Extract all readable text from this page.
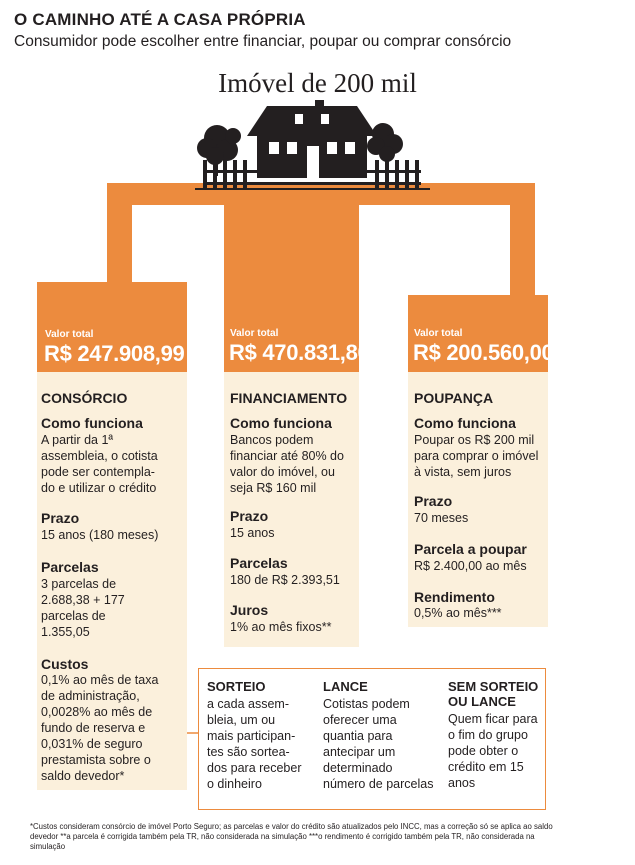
O CAMINHO ATÉ A CASA PRÓPRIA
Consumidor pode escolher entre financiar, poupar ou comprar consórcio
Imóvel de 200 mil
Valor total
R$ 247.908,99
CONSÓRCIO
Como funciona
A partir da 1ª
assembleia, o cotista
pode ser contemplа-
do e utilizar o crédito
Prazo
15 anos (180 meses)
Parcelas
3 parcelas de
2.688,38 + 177
parcelas de
1.355,05
Custos
0,1% ao mês de taxa
de administração,
0,0028% ao mês de
fundo de reserva e
0,031% de seguro
prestamista sobre o
saldo devedor*
Valor total
R$ 470.831,80
FINANCIAMENTO
Como funciona
Bancos podem
financiar até 80% do
valor do imóvel, ou
seja R$ 160 mil
Prazo
15 anos
Parcelas
180 de R$ 2.393,51
Juros
1% ao mês fixos**
Valor total
R$ 200.560,00
POUPANÇA
Como funciona
Poupar os R$ 200 mil
para comprar o imóvel
à vista, sem juros
Prazo
70 meses
Parcela a poupar
R$ 2.400,00 ao mês
Rendimento
0,5% ao mês***
SORTEIO
a cada assem-
bleia, um ou
mais participan-
tes são sortea-
dos para receber
o dinheiro
LANCE
Cotistas podem
oferecer uma
quantia para
antecipar um
determinado
número de parcelas
SEM SORTEIO
OU LANCE
Quem ficar para
o fim do grupo
pode obter o
crédito em 15
anos
*Custos consideram consórcio de imóvel Porto Seguro; as parcelas e valor do crédito são atualizados pelo INCC, mas a correção só se aplica ao saldo devedor **a parcela é corrigida também pela TR, não considerada na simulação ***o rendimento é corrigido também pela TR, não considerada na simulação
